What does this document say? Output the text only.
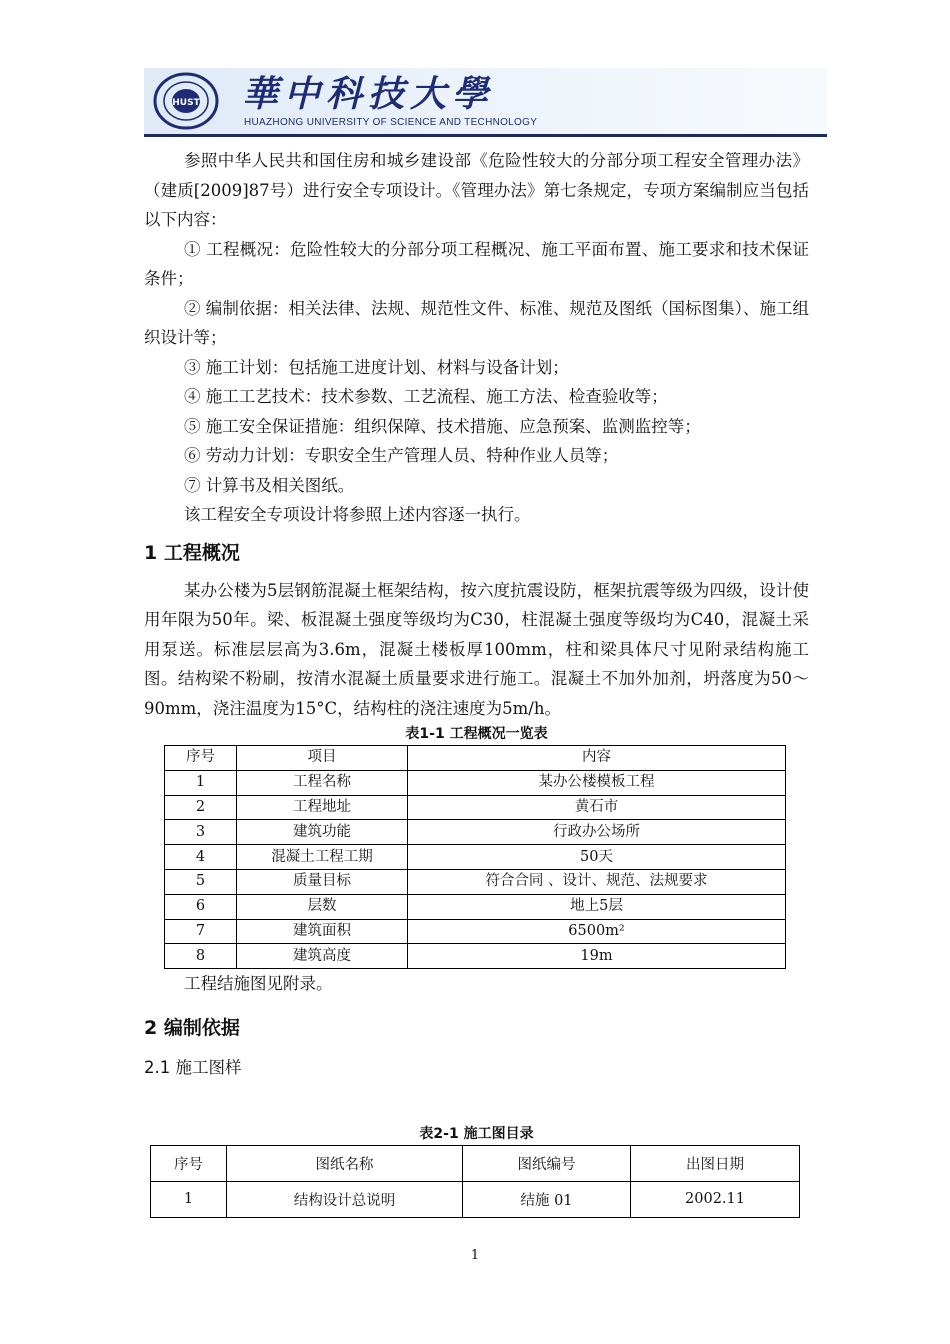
HUST 華中科技大學
HUAZHONG UNIVERSITY OF SCIENCE AND TECHNOLOGY

参照中华人民共和国住房和城乡建设部《危险性较大的分部分项工程安全管理办法》（建质[2009]87号）进行安全专项设计。《管理办法》第七条规定，专项方案编制应当包括以下内容：

① 工程概况：危险性较大的分部分项工程概况、施工平面布置、施工要求和技术保证条件；

② 编制依据：相关法律、法规、规范性文件、标准、规范及图纸（国标图集）、施工组织设计等；

③ 施工计划：包括施工进度计划、材料与设备计划；

④ 施工工艺技术：技术参数、工艺流程、施工方法、检查验收等；

⑤ 施工安全保证措施：组织保障、技术措施、应急预案、监测监控等；

⑥ 劳动力计划：专职安全生产管理人员、特种作业人员等；

⑦ 计算书及相关图纸。

该工程安全专项设计将参照上述内容逐一执行。

1 工程概况

某办公楼为5层钢筋混凝土框架结构，按六度抗震设防，框架抗震等级为四级，设计使用年限为50年。梁、板混凝土强度等级均为C30，柱混凝土强度等级均为C40，混凝土采用泵送。标准层层高为3.6m，混凝土楼板厚100mm，柱和梁具体尺寸见附录结构施工图。结构梁不粉刷，按清水混凝土质量要求进行施工。混凝土不加外加剂，坍落度为50～90mm，浇注温度为15°C，结构柱的浇注速度为5m/h。

表1-1 工程概况一览表
序号	项目	内容
1	工程名称	某办公楼模板工程
2	工程地址	黄石市
3	建筑功能	行政办公场所
4	混凝土工程工期	50天
5	质量目标	符合合同 、设计、规范、法规要求
6	层数	地上5层
7	建筑面积	6500m²
8	建筑高度	19m

工程结施图见附录。

2 编制依据
2.1 施工图样
表2-1 施工图目录
序号	图纸名称	图纸编号	出图日期
1	结构设计总说明	结施 01	2002.11
1
